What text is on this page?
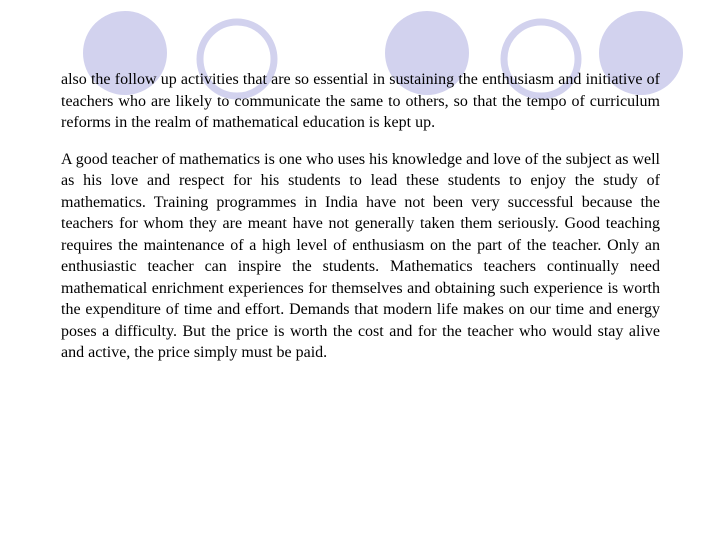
also the follow up activities that are so essential in sustaining the enthusiasm and initiative of teachers who are likely to communicate the same to others, so that the tempo of curriculum reforms in the realm of mathematical education is kept up.

A good teacher of mathematics is one who uses his knowledge and love of the subject as well as his love and respect for his students to lead these students to enjoy the study of mathematics. Training programmes in India have not been very successful because the teachers for whom they are meant have not generally taken them seriously. Good teaching requires the maintenance of a high level of enthusiasm on the part of the teacher. Only an enthusiastic teacher can inspire the students. Mathematics teachers continually need mathematical enrichment experiences for themselves and obtaining such experience is worth the expenditure of time and effort. Demands that modern life makes on our time and energy poses a difficulty. But the price is worth the cost and for the teacher who would stay alive and active, the price simply must be paid.
